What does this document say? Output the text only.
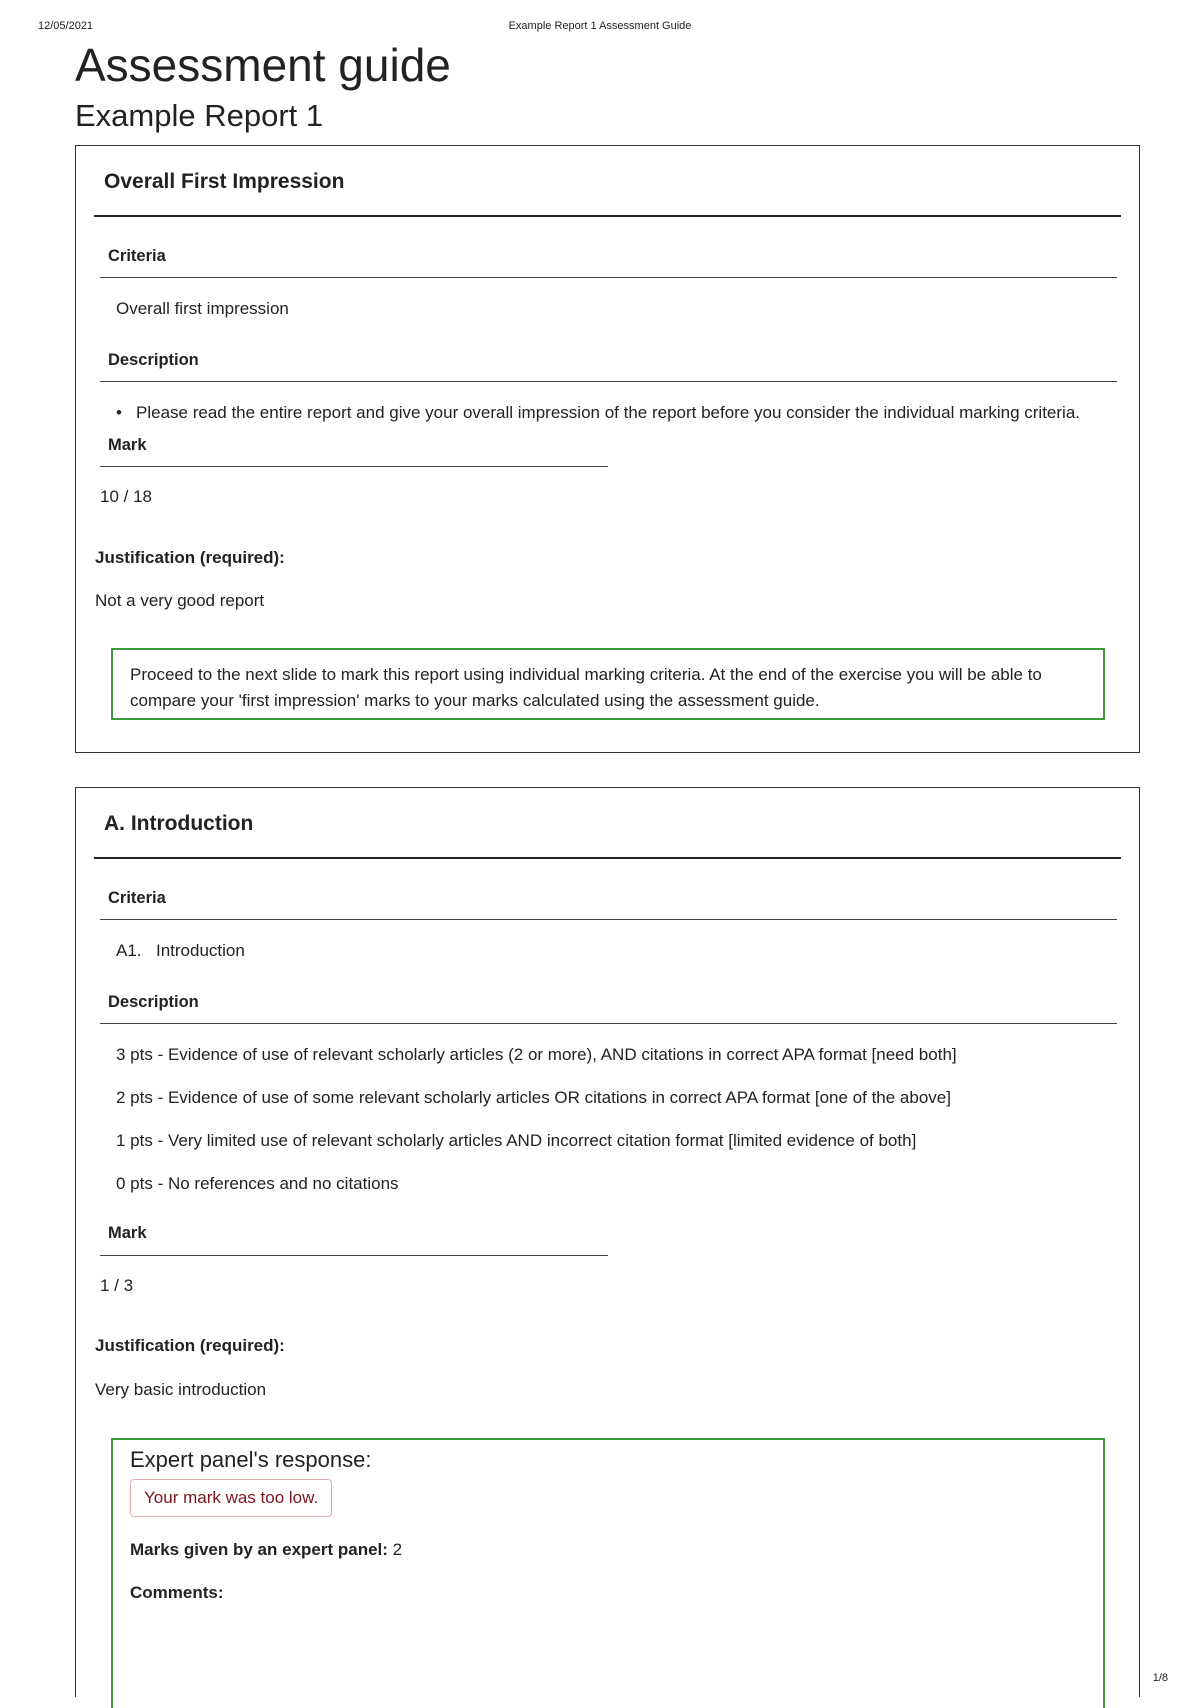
12/05/2021	Example Report 1 Assessment Guide
Assessment guide
Example Report 1
Overall First Impression
Criteria
Overall first impression
Description
• Please read the entire report and give your overall impression of the report before you consider the individual marking criteria.
Mark
10 / 18
Justification (required):
Not a very good report
Proceed to the next slide to mark this report using individual marking criteria. At the end of the exercise you will be able to compare your 'first impression' marks to your marks calculated using the assessment guide.
A. Introduction
Criteria
A1. Introduction
Description
3 pts - Evidence of use of relevant scholarly articles (2 or more), AND citations in correct APA format [need both]
2 pts - Evidence of use of some relevant scholarly articles OR citations in correct APA format [one of the above]
1 pts - Very limited use of relevant scholarly articles AND incorrect citation format [limited evidence of both]
0 pts - No references and no citations
Mark
1 / 3
Justification (required):
Very basic introduction
Expert panel's response:
Your mark was too low.
Marks given by an expert panel: 2
Comments:
1/8
